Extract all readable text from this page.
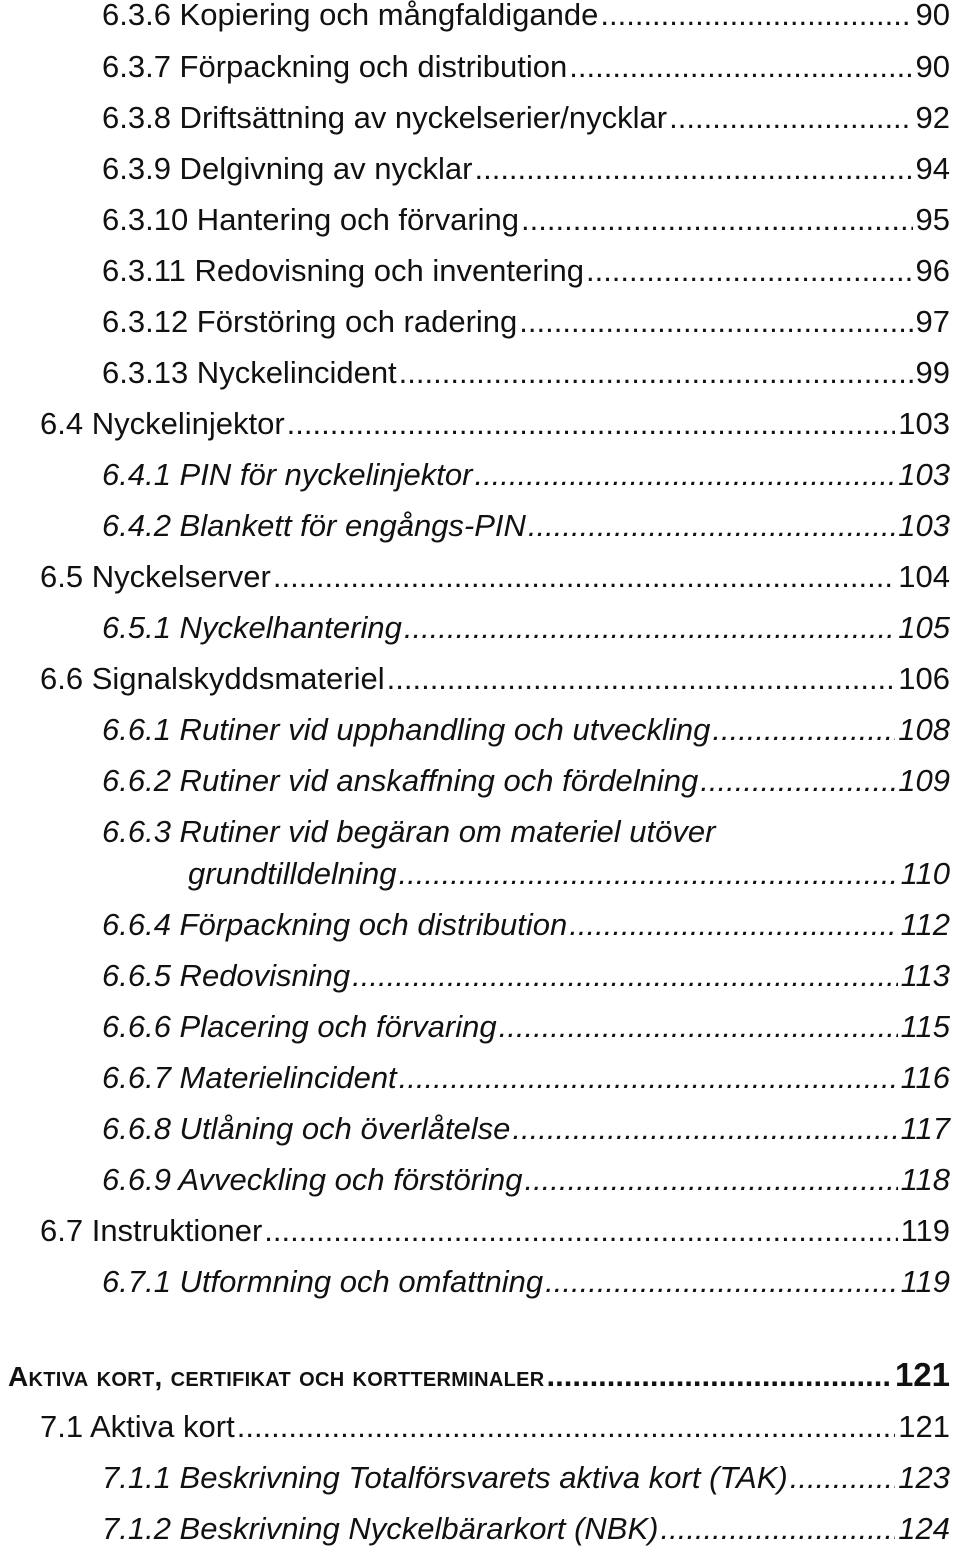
6.3.6 Kopiering och mångfaldigande .....	90
6.3.7 Förpackning och distribution .....	90
6.3.8 Driftsättning av nyckelserier/nycklar .....	92
6.3.9 Delgivning av nycklar .....	94
6.3.10 Hantering och förvaring .....	95
6.3.11 Redovisning och inventering .....	96
6.3.12 Förstöring och radering .....	97
6.3.13 Nyckelincident .....	99
6.4 Nyckelinjektor .....	103
6.4.1 PIN för nyckelinjektor .....	103
6.4.2 Blankett för engångs-PIN .....	103
6.5 Nyckelserver .....	104
6.5.1 Nyckelhantering .....	105
6.6 Signalskyddsmateriel .....	106
6.6.1 Rutiner vid upphandling och utveckling .....	108
6.6.2 Rutiner vid anskaffning och fördelning .....	109
6.6.3 Rutiner vid begäran om materiel utöver
grundtilldelning .....	110
6.6.4 Förpackning och distribution .....	112
6.6.5 Redovisning .....	113
6.6.6 Placering och förvaring .....	115
6.6.7 Materielincident .....	116
6.6.8 Utlåning och överlåtelse .....	117
6.6.9 Avveckling och förstöring .....	118
6.7 Instruktioner .....	119
6.7.1 Utformning och omfattning .....	119
Aktiva kort, certifikat och kortterminaler .....	121
7.1 Aktiva kort .....	121
7.1.1 Beskrivning Totalförsvarets aktiva kort (TAK) .....	123
7.1.2 Beskrivning Nyckelbärarkort (NBK) .....	124
